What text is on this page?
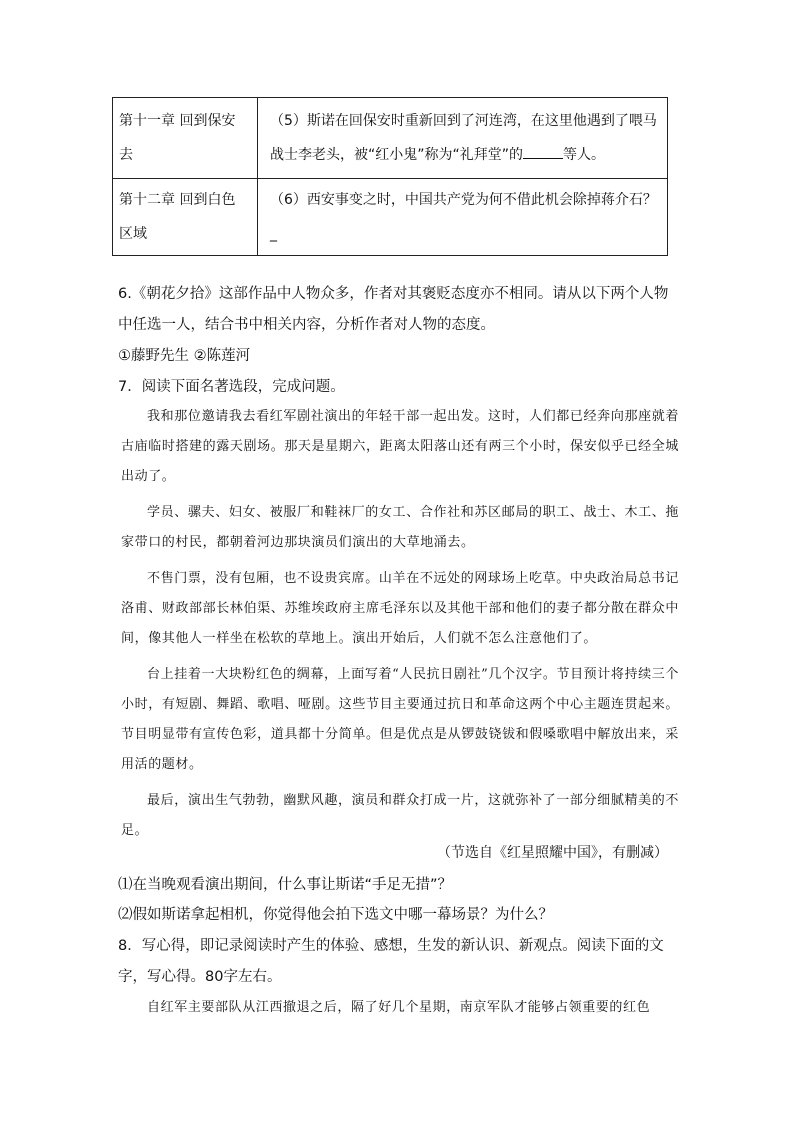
第十一章 回到保安去	（5）斯诺在回保安时重新回到了河连湾，在这里他遇到了喂马战士李老头，被“红小鬼”称为“礼拜堂”的 等人。
第十二章 回到白色区域	（6）西安事变之时，中国共产党为何不借此机会除掉蒋介石？_
6.《朝花夕拾》这部作品中人物众多，作者对其褒贬态度亦不相同。请从以下两个人物中任选一人，结合书中相关内容，分析作者对人物的态度。
①藤野先生 ②陈莲河
7．阅读下面名著选段，完成问题。

我和那位邀请我去看红军剧社演出的年轻干部一起出发。这时，人们都已经奔向那座就着古庙临时搭建的露天剧场。那天是星期六，距离太阳落山还有两三个小时，保安似乎已经全城出动了。

学员、骡夫、妇女、被服厂和鞋袜厂的女工、合作社和苏区邮局的职工、战士、木工、拖家带口的村民，都朝着河边那块演员们演出的大草地涌去。

不售门票，没有包厢，也不设贵宾席。山羊在不远处的网球场上吃草。中央政治局总书记洛甫、财政部部长林伯渠、苏维埃政府主席毛泽东以及其他干部和他们的妻子都分散在群众中间，像其他人一样坐在松软的草地上。演出开始后，人们就不怎么注意他们了。

台上挂着一大块粉红色的绸幕，上面写着“人民抗日剧社”几个汉字。节目预计将持续三个小时，有短剧、舞蹈、歌唱、哑剧。这些节目主要通过抗日和革命这两个中心主题连贯起来。节目明显带有宣传色彩，道具都十分简单。但是优点是从锣鼓铙钹和假嗓歌唱中解放出来，采用活的题材。

最后，演出生气勃勃，幽默风趣，演员和群众打成一片，这就弥补了一部分细腻精美的不足。

（节选自《红星照耀中国》，有删减）
⑴在当晚观看演出期间，什么事让斯诺“手足无措”？
⑵假如斯诺拿起相机，你觉得他会拍下选文中哪一幕场景？为什么？
8．写心得，即记录阅读时产生的体验、感想，生发的新认识、新观点。阅读下面的文字，写心得。80字左右。

自红军主要部队从江西撤退之后，隔了好几个星期，南京军队才能够占领重要的红色
